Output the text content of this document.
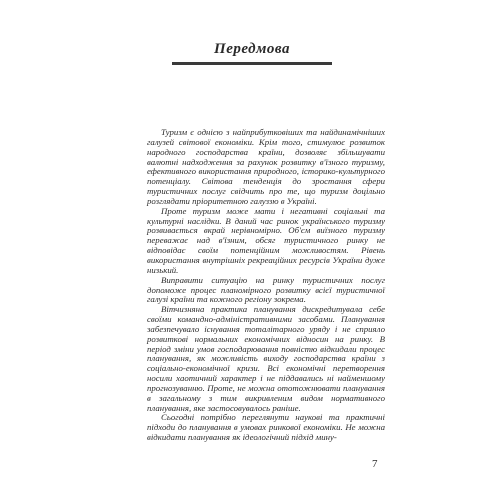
Передмова

Туризм є однією з найприбутковіших та найдинамічніших галузей світової економіки. Крім того, стимулює розвиток народного господарства країни, дозволяє збільшувати валютні надходження за рахунок розвитку в'їзного туризму, ефективного використання природного, історико-культурного потенціалу. Світова тенденція до зростання сфери туристичних послуг свідчить про те, що туризм доцільно розглядати пріоритетною галуззю в Україні.

Проте туризм може мати і негативні соціальні та культурні наслідки. В даний час ринок українського туризму розвивається вкрай нерівномірно. Об'єм виїзного туризму переважає над в'їзним, обсяг туристичного ринку не відповідає своїм потенційним можливостям. Рівень використання внутрішніх рекреаційних ресурсів України дуже низький.

Виправити ситуацію на ринку туристичних послуг допоможе процес планомірного розвитку всієї туристичної галузі країни та кожного регіону зокрема.

Вітчизняна практика планування дискредитувала себе своїми командно-адміністративними засобами. Планування забезпечувало існування тоталітарного уряду і не сприяло розвиткові нормальних економічних відносин на ринку. В період зміни умов господарювання повністю відкидали процес планування, як можливість виходу господарства країни з соціально-економічної кризи. Всі економічні перетворення носили хаотичний характер і не піддавались ні найменшому прогнозуванню. Проте, не можна ототожнювати планування в загальному з тим викривленим видом нормативного планування, яке застосовувалось раніше.

Сьогодні потрібно переглянути наукові та практичні підходи до планування в умовах ринкової економіки. Не можна відкидати планування як ідеологічний підхід мину-

7
